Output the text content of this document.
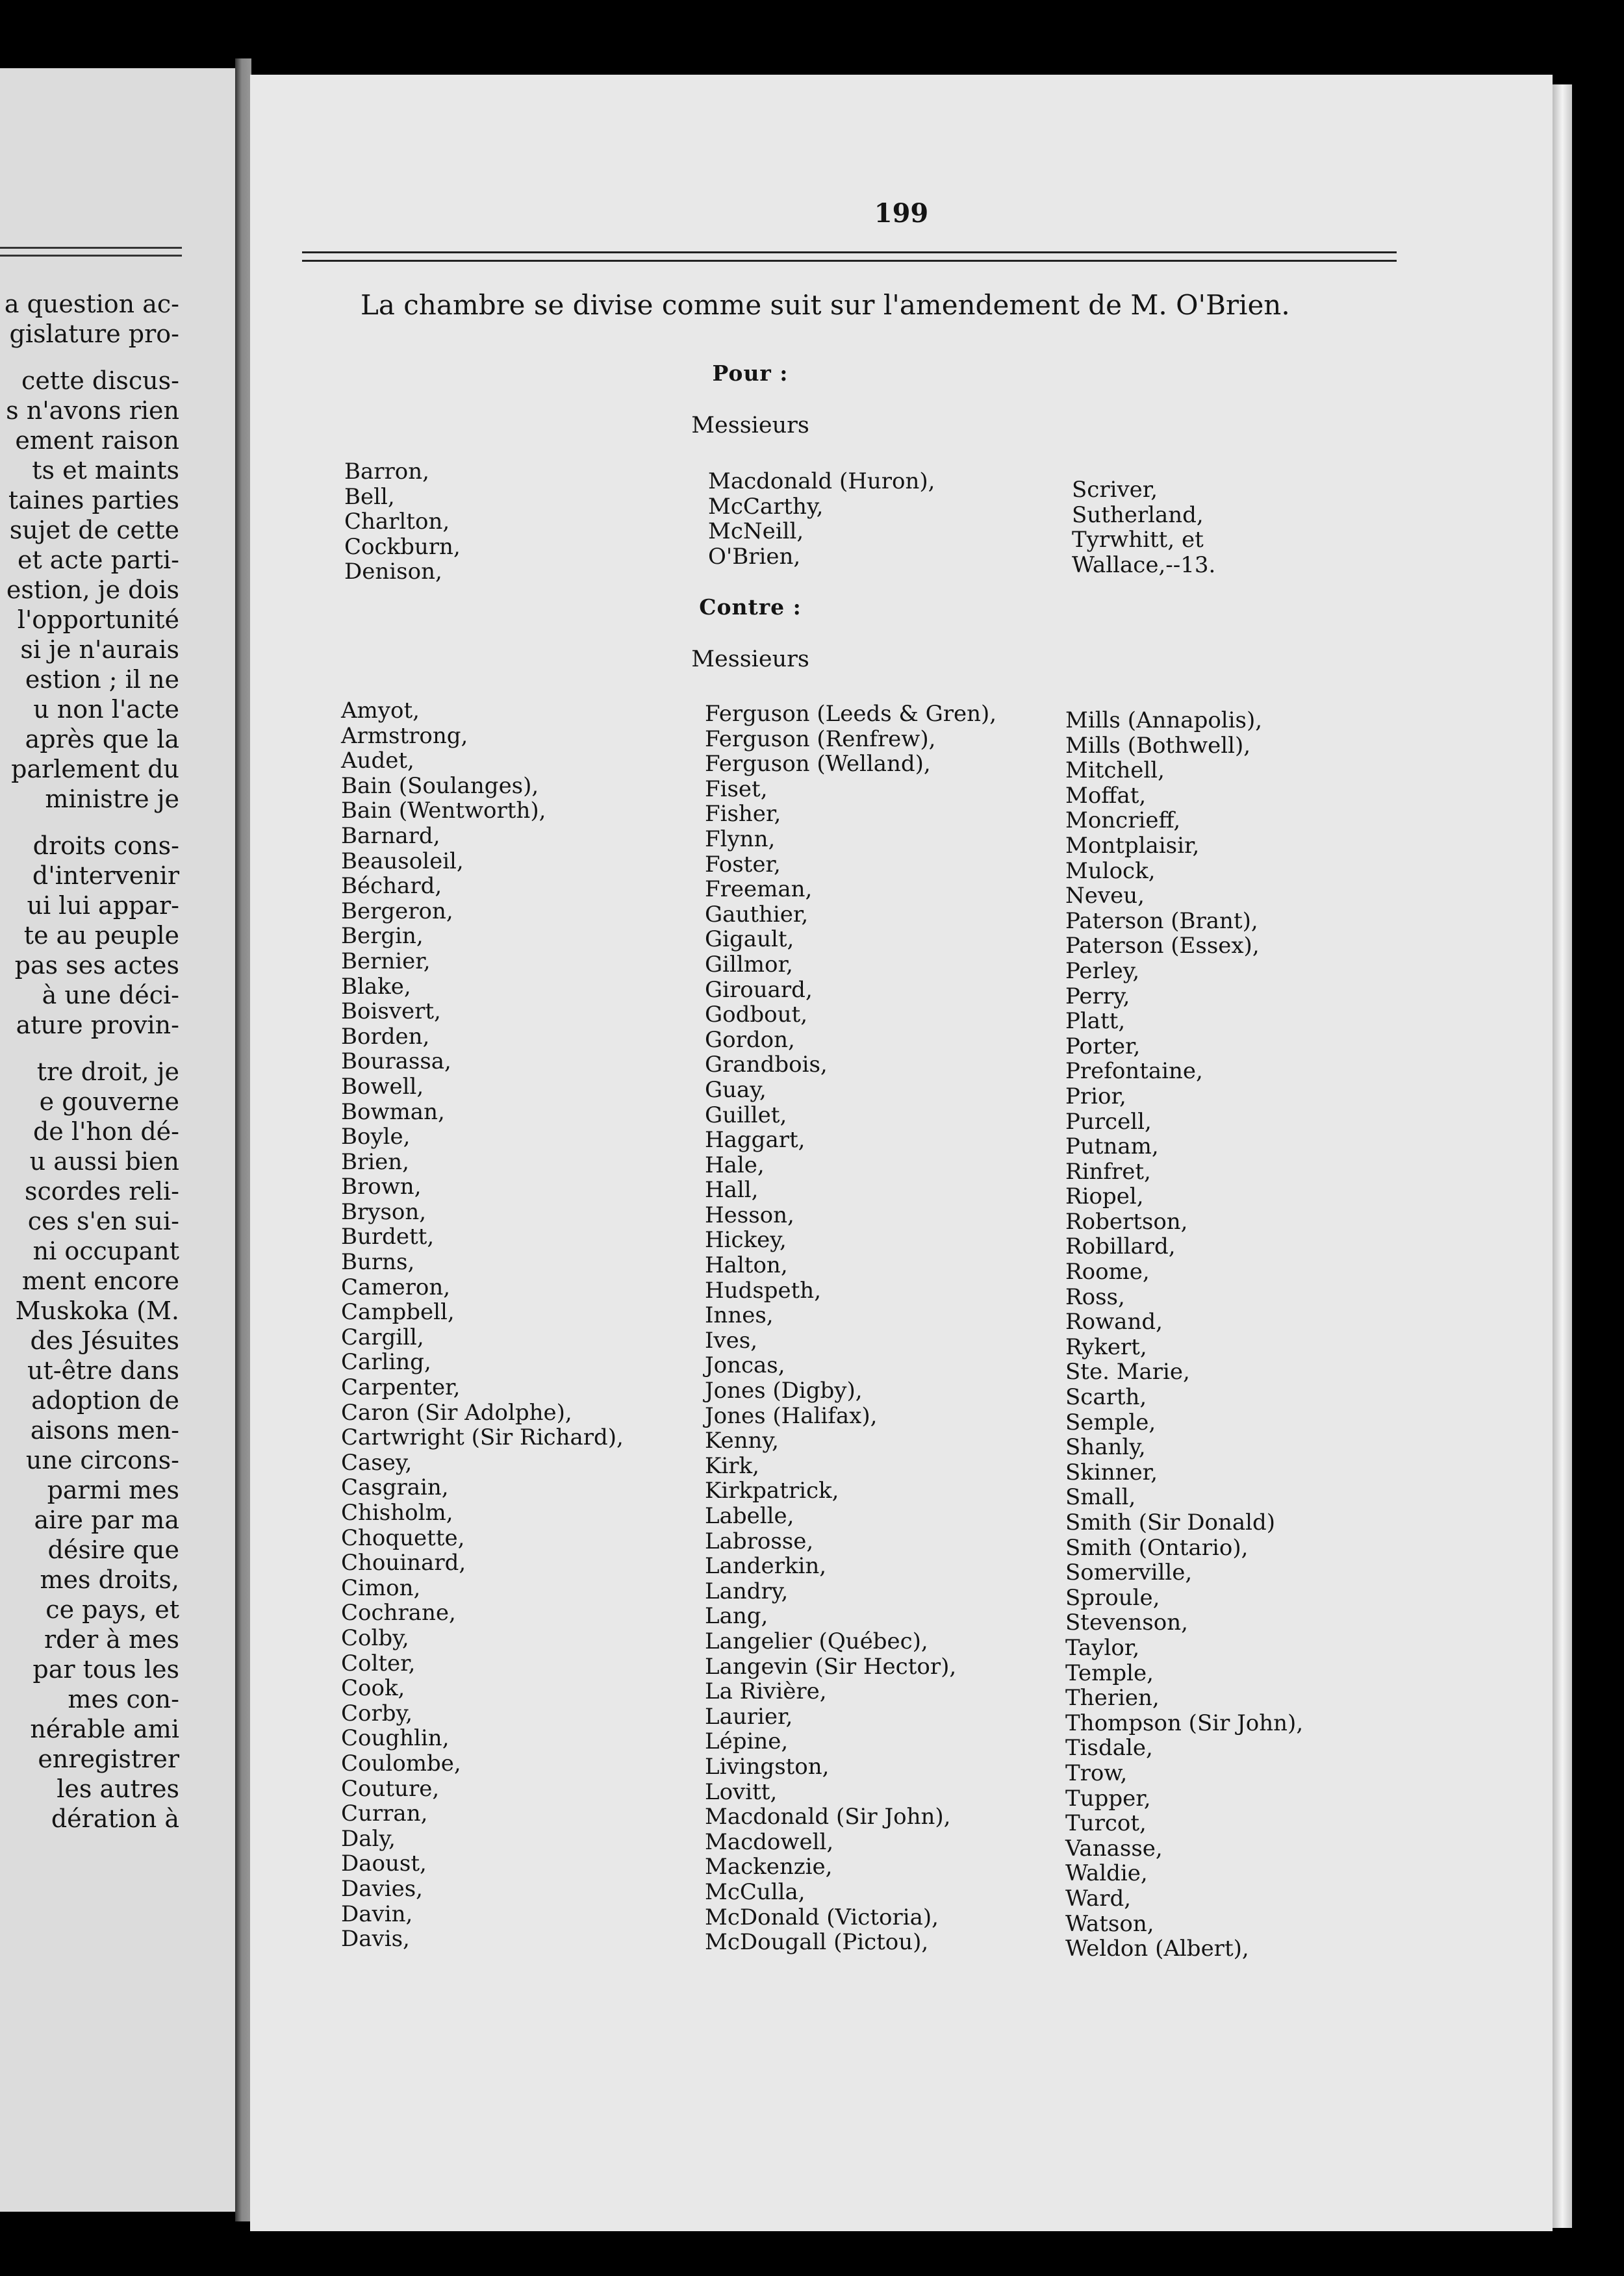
a question ac-
gislature pro-

cette discus-
s n'avons rien
ement raison
ts et maints
taines parties
sujet de cette
et acte parti-
estion, je dois
l'opportunité
si je n'aurais
estion ; il ne
u non l'acte
après que la
parlement du
ministre je

droits cons-
d'intervenir
ui lui appar-
te au peuple
pas ses actes
à une déci-
ature provin-

tre droit, je
e gouverne
de l'hon dé-
u aussi bien
scordes reli-
ces s'en sui-
ni occupant
ment encore
Muskoka (M.
des Jésuites
ut-être dans
adoption de
aisons men-
une circons-
parmi mes
aire par ma
désire que
mes droits,
ce pays, et
rder à mes
par tous les
mes con-
nérable ami
enregistrer
les autres
dération à
199
La chambre se divise comme suit sur l'amendement de M. O'Brien.
Pour :
Messieurs
Barron,
Bell,
Charlton,
Cockburn,
Denison,
Macdonald (Huron),
McCarthy,
McNeill,
O'Brien,
Scriver,
Sutherland,
Tyrwhitt, et
Wallace,--13.
Contre :
Messieurs
Amyot,
Armstrong,
Audet,
Bain (Soulanges),
Bain (Wentworth),
Barnard,
Beausoleil,
Béchard,
Bergeron,
Bergin,
Bernier,
Blake,
Boisvert,
Borden,
Bourassa,
Bowell,
Bowman,
Boyle,
Brien,
Brown,
Bryson,
Burdett,
Burns,
Cameron,
Campbell,
Cargill,
Carling,
Carpenter,
Caron (Sir Adolphe),
Cartwright (Sir Richard),
Casey,
Casgrain,
Chisholm,
Choquette,
Chouinard,
Cimon,
Cochrane,
Colby,
Colter,
Cook,
Corby,
Coughlin,
Coulombe,
Couture,
Curran,
Daly,
Daoust,
Davies,
Davin,
Davis,
Ferguson (Leeds & Gren),
Ferguson (Renfrew),
Ferguson (Welland),
Fiset,
Fisher,
Flynn,
Foster,
Freeman,
Gauthier,
Gigault,
Gillmor,
Girouard,
Godbout,
Gordon,
Grandbois,
Guay,
Guillet,
Haggart,
Hale,
Hall,
Hesson,
Hickey,
Halton,
Hudspeth,
Innes,
Ives,
Joncas,
Jones (Digby),
Jones (Halifax),
Kenny,
Kirk,
Kirkpatrick,
Labelle,
Labrosse,
Landerkin,
Landry,
Lang,
Langelier (Québec),
Langevin (Sir Hector),
La Rivière,
Laurier,
Lépine,
Livingston,
Lovitt,
Macdonald (Sir John),
Macdowell,
Mackenzie,
McCulla,
McDonald (Victoria),
McDougall (Pictou),
Mills (Annapolis),
Mills (Bothwell),
Mitchell,
Moffat,
Moncrieff,
Montplaisir,
Mulock,
Neveu,
Paterson (Brant),
Paterson (Essex),
Perley,
Perry,
Platt,
Porter,
Prefontaine,
Prior,
Purcell,
Putnam,
Rinfret,
Riopel,
Robertson,
Robillard,
Roome,
Ross,
Rowand,
Rykert,
Ste. Marie,
Scarth,
Semple,
Shanly,
Skinner,
Small,
Smith (Sir Donald)
Smith (Ontario),
Somerville,
Sproule,
Stevenson,
Taylor,
Temple,
Therien,
Thompson (Sir John),
Tisdale,
Trow,
Tupper,
Turcot,
Vanasse,
Waldie,
Ward,
Watson,
Weldon (Albert),
